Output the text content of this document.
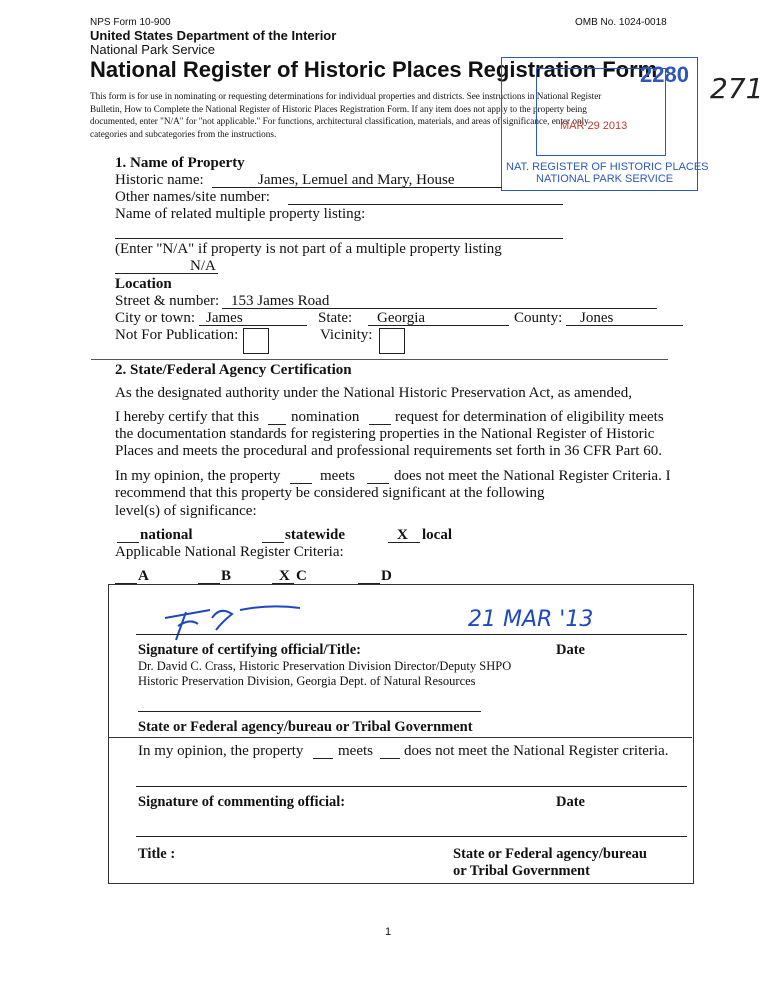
NPS Form 10-900	OMB No. 1024-0018
United States Department of the Interior
National Park Service
National Register of Historic Places Registration Form
This form is for use in nominating or requesting determinations for individual properties and districts. See instructions in National Register
Bulletin, How to Complete the National Register of Historic Places Registration Form. If any item does not apply to the property being
documented, enter "N/A" for "not applicable." For functions, architectural classification, materials, and areas of significance, enter only
categories and subcategories from the instructions.
2280
MAR 29 2013
NAT. REGISTER OF HISTORIC PLACES
NATIONAL PARK SERVICE
271
1. Name of Property
Historic name:	James, Lemuel and Mary, House
Other names/site number:
Name of related multiple property listing:
(Enter "N/A" if property is not part of a multiple property listing
N/A
Location
Street & number: 153 James Road
City or town: James	State: Georgia	County: Jones
Not For Publication:	Vicinity:
2. State/Federal Agency Certification
As the designated authority under the National Historic Preservation Act, as amended,
I hereby certify that this nomination request for determination of eligibility meets
the documentation standards for registering properties in the National Register of Historic
Places and meets the procedural and professional requirements set forth in 36 CFR Part 60.
In my opinion, the property	meets	does not meet the National Register Criteria. I
recommend that this property be considered significant at the following
level(s) of significance:
national	statewide	X local
Applicable National Register Criteria:
A	B	X C	D
21 MAR '13
Signature of certifying official/Title:	Date
Dr. David C. Crass, Historic Preservation Division Director/Deputy SHPO
Historic Preservation Division, Georgia Dept. of Natural Resources
State or Federal agency/bureau or Tribal Government
In my opinion, the property meets does not meet the National Register criteria.
Signature of commenting official:	Date
Title :	State or Federal agency/bureau
or Tribal Government
1
